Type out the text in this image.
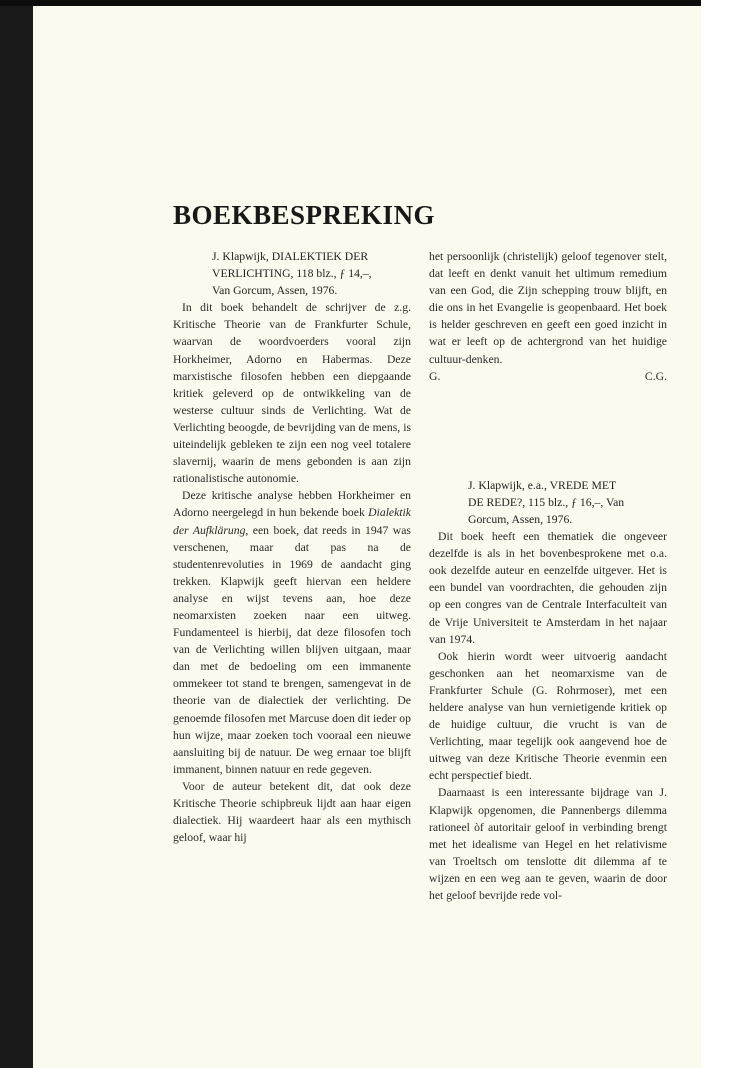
BOEKBESPREKING
J. Klapwijk, DIALEKTIEK DER
VERLICHTING, 118 blz., ƒ 14,–,
Van Gorcum, Assen, 1976.

In dit boek behandelt de schrijver de z.g. Kritische Theorie van de Frankfurter Schule, waarvan de woordvoerders vooral zijn Horkheimer, Adorno en Habermas. Deze marxistische filosofen hebben een diepgaande kritiek geleverd op de ontwikkeling van de westerse cultuur sinds de Verlichting. Wat de Verlichting beoogde, de bevrijding van de mens, is uiteindelijk gebleken te zijn een nog veel totalere slavernij, waarin de mens gebonden is aan zijn rationalistische autonomie.

Deze kritische analyse hebben Horkheimer en Adorno neergelegd in hun bekende boek Dialektik der Aufklärung, een boek, dat reeds in 1947 was verschenen, maar dat pas na de studentenrevoluties in 1969 de aandacht ging trekken. Klapwijk geeft hiervan een heldere analyse en wijst tevens aan, hoe deze neomarxisten zoeken naar een uitweg. Fundamenteel is hierbij, dat deze filosofen toch van de Verlichting willen blijven uitgaan, maar dan met de bedoeling om een immanente ommekeer tot stand te brengen, samengevat in de theorie van de dialectiek der verlichting. De genoemde filosofen met Marcuse doen dit ieder op hun wijze, maar zoeken toch vooraal een nieuwe aansluiting bij de natuur. De weg ernaar toe blijft immanent, binnen natuur en rede gegeven.

Voor de auteur betekent dit, dat ook deze Kritische Theorie schipbreuk lijdt aan haar eigen dialectiek. Hij waardeert haar als een mythisch geloof, waar hij

het persoonlijk (christelijk) geloof tegenover stelt, dat leeft en denkt vanuit het ultimum remedium van een God, die Zijn schepping trouw blijft, en die ons in het Evangelie is geopenbaard. Het boek is helder geschreven en geeft een goed inzicht in wat er leeft op de achtergrond van het huidige cultuur-denken.

G.	C.G.
J. Klapwijk, e.a., VREDE MET
DE REDE?, 115 blz., ƒ 16,–, Van
Gorcum, Assen, 1976.

Dit boek heeft een thematiek die ongeveer dezelfde is als in het bovenbesprokene met o.a. ook dezelfde auteur en eenzelfde uitgever. Het is een bundel van voordrachten, die gehouden zijn op een congres van de Centrale Interfaculteit van de Vrije Universiteit te Amsterdam in het najaar van 1974.

Ook hierin wordt weer uitvoerig aandacht geschonken aan het neomarxisme van de Frankfurter Schule (G. Rohrmoser), met een heldere analyse van hun vernietigende kritiek op de huidige cultuur, die vrucht is van de Verlichting, maar tegelijk ook aangevend hoe de uitweg van deze Kritische Theorie evenmin een echt perspectief biedt.

Daarnaast is een interessante bijdrage van J. Klapwijk opgenomen, die Pannenbergs dilemma rationeel òf autoritair geloof in verbinding brengt met het idealisme van Hegel en het relativisme van Troeltsch om tenslotte dit dilemma af te wijzen en een weg aan te geven, waarin de door het geloof bevrijde rede vol-
